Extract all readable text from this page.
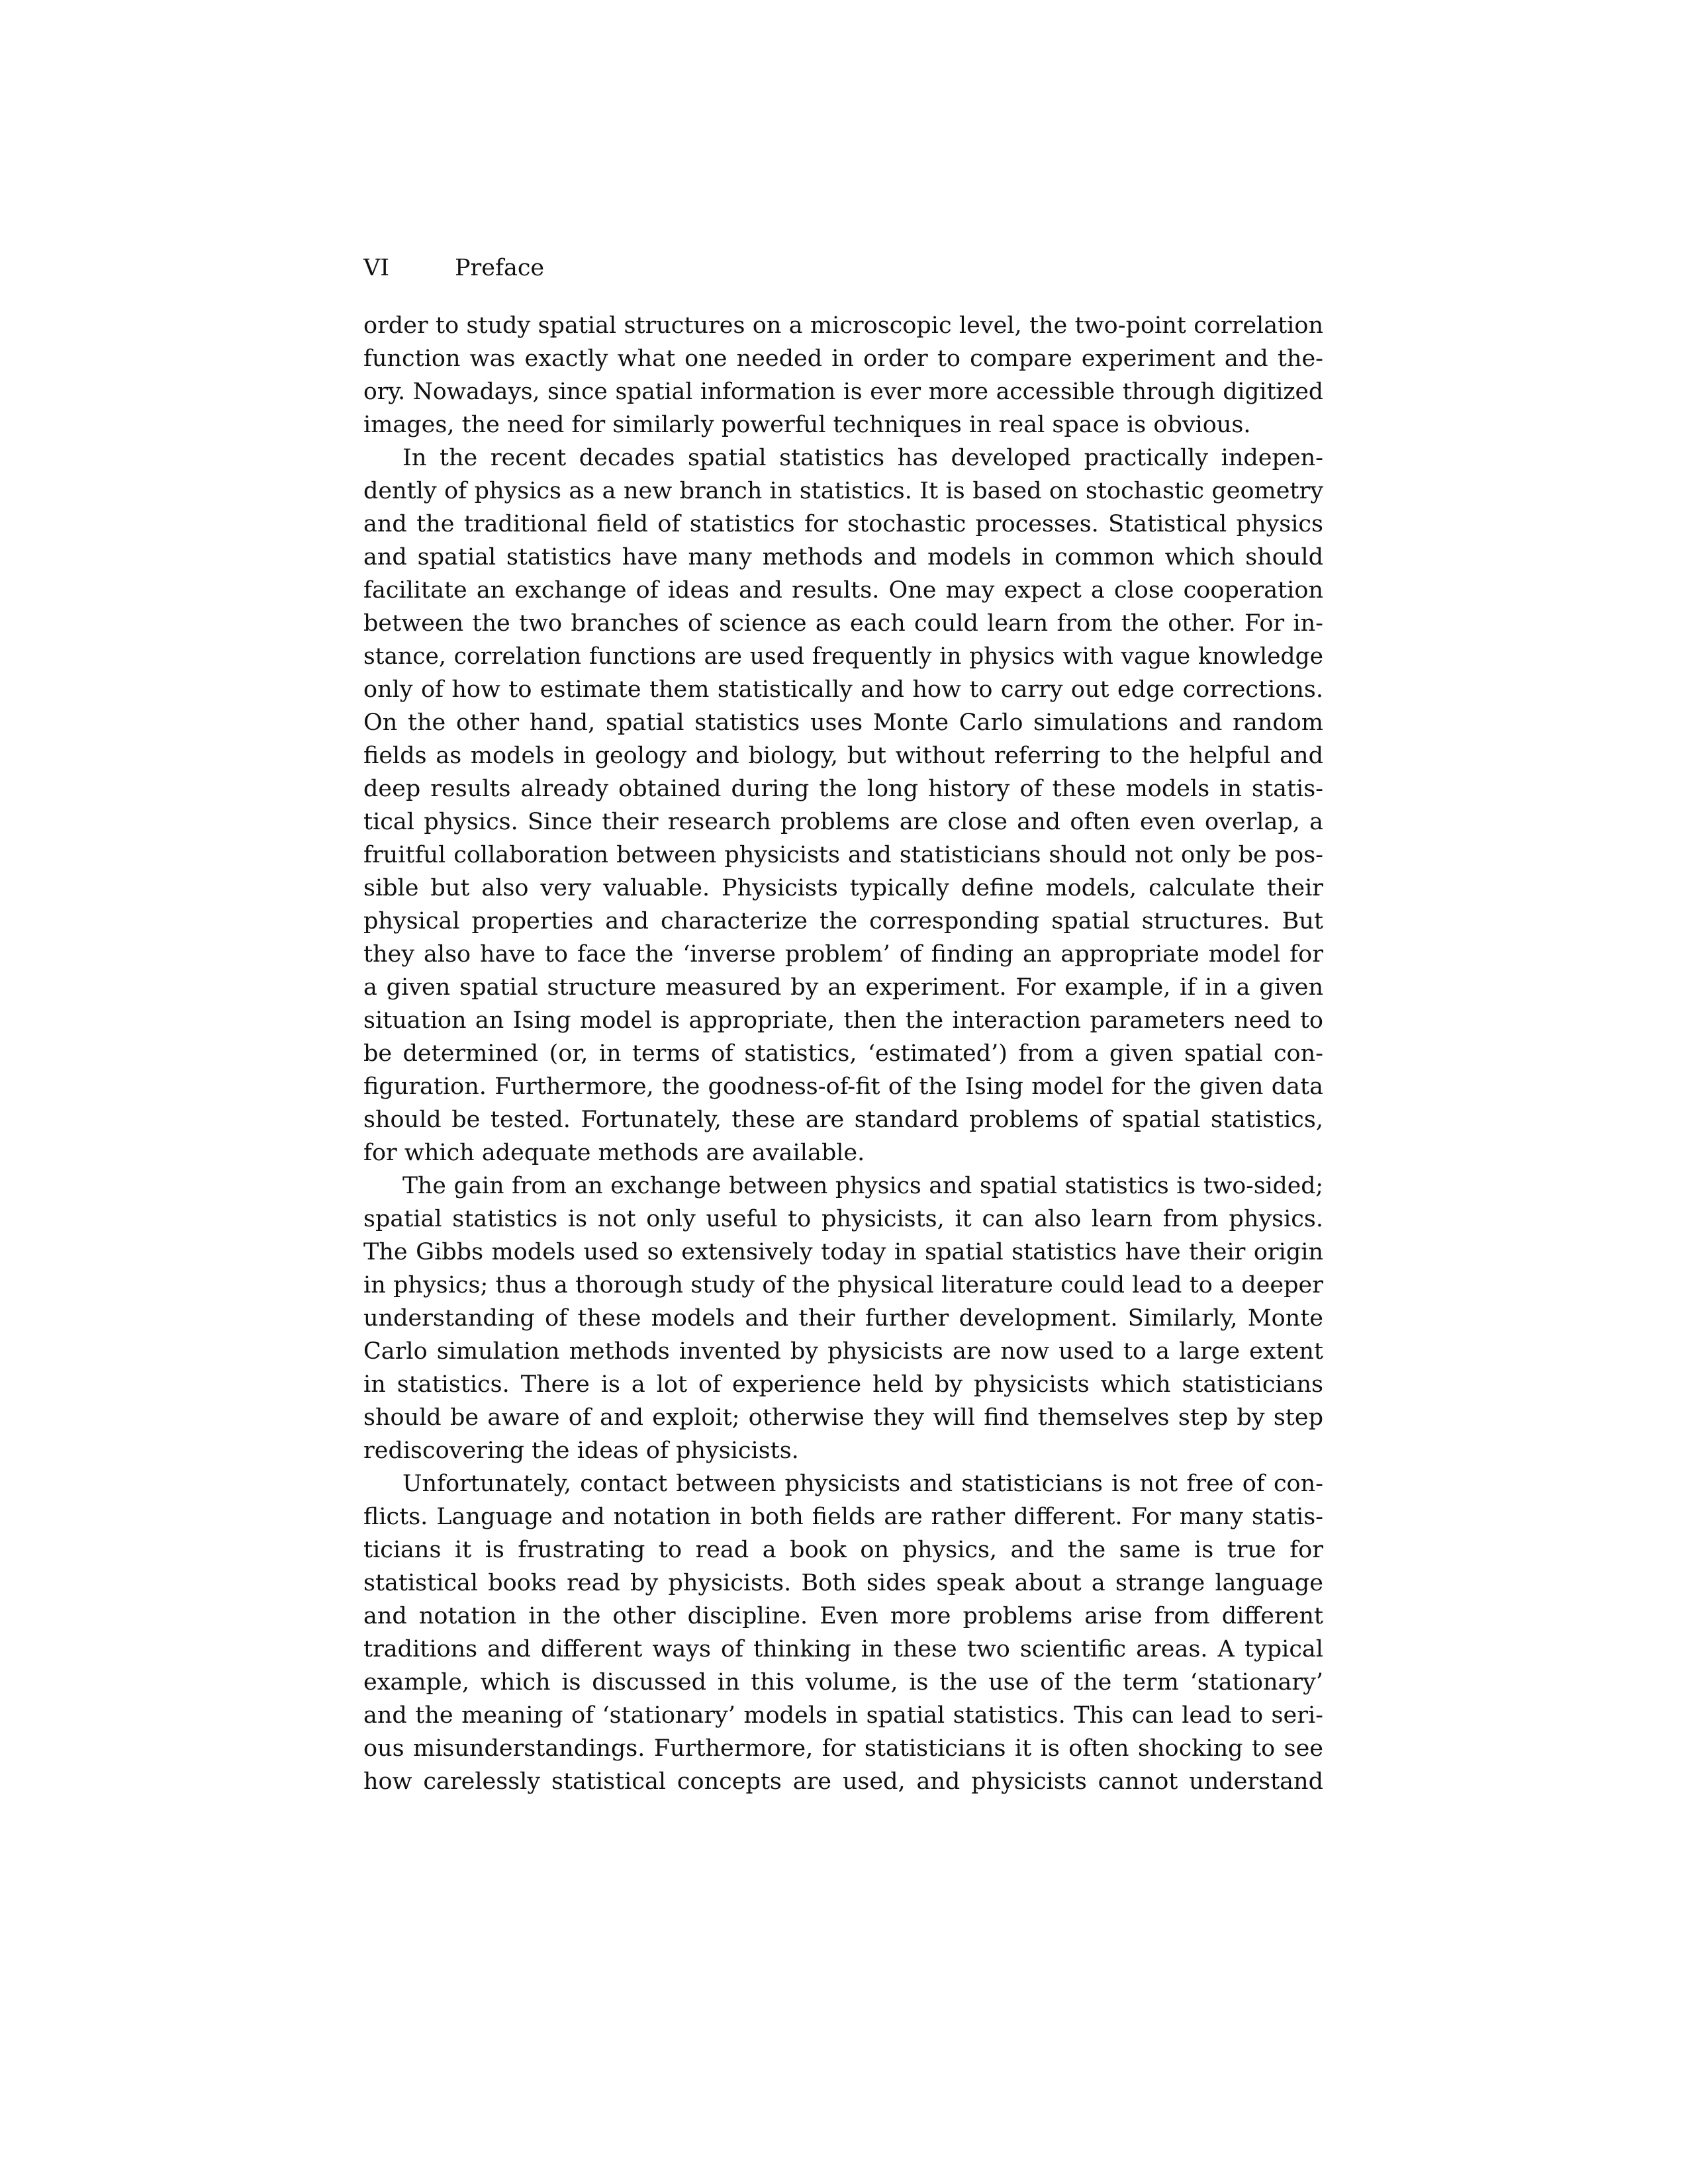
VI	Preface
order to study spatial structures on a microscopic level, the two-point correlation
function was exactly what one needed in order to compare experiment and the-
ory. Nowadays, since spatial information is ever more accessible through digitized
images, the need for similarly powerful techniques in real space is obvious.
In the recent decades spatial statistics has developed practically indepen-
dently of physics as a new branch in statistics. It is based on stochastic geometry
and the traditional field of statistics for stochastic processes. Statistical physics
and spatial statistics have many methods and models in common which should
facilitate an exchange of ideas and results. One may expect a close cooperation
between the two branches of science as each could learn from the other. For in-
stance, correlation functions are used frequently in physics with vague knowledge
only of how to estimate them statistically and how to carry out edge corrections.
On the other hand, spatial statistics uses Monte Carlo simulations and random
fields as models in geology and biology, but without referring to the helpful and
deep results already obtained during the long history of these models in statis-
tical physics. Since their research problems are close and often even overlap, a
fruitful collaboration between physicists and statisticians should not only be pos-
sible but also very valuable. Physicists typically define models, calculate their
physical properties and characterize the corresponding spatial structures. But
they also have to face the ‘inverse problem’ of finding an appropriate model for
a given spatial structure measured by an experiment. For example, if in a given
situation an Ising model is appropriate, then the interaction parameters need to
be determined (or, in terms of statistics, ‘estimated’) from a given spatial con-
figuration. Furthermore, the goodness-of-fit of the Ising model for the given data
should be tested. Fortunately, these are standard problems of spatial statistics,
for which adequate methods are available.
The gain from an exchange between physics and spatial statistics is two-sided;
spatial statistics is not only useful to physicists, it can also learn from physics.
The Gibbs models used so extensively today in spatial statistics have their origin
in physics; thus a thorough study of the physical literature could lead to a deeper
understanding of these models and their further development. Similarly, Monte
Carlo simulation methods invented by physicists are now used to a large extent
in statistics. There is a lot of experience held by physicists which statisticians
should be aware of and exploit; otherwise they will find themselves step by step
rediscovering the ideas of physicists.
Unfortunately, contact between physicists and statisticians is not free of con-
flicts. Language and notation in both fields are rather different. For many statis-
ticians it is frustrating to read a book on physics, and the same is true for
statistical books read by physicists. Both sides speak about a strange language
and notation in the other discipline. Even more problems arise from different
traditions and different ways of thinking in these two scientific areas. A typical
example, which is discussed in this volume, is the use of the term ‘stationary’
and the meaning of ‘stationary’ models in spatial statistics. This can lead to seri-
ous misunderstandings. Furthermore, for statisticians it is often shocking to see
how carelessly statistical concepts are used, and physicists cannot understand
